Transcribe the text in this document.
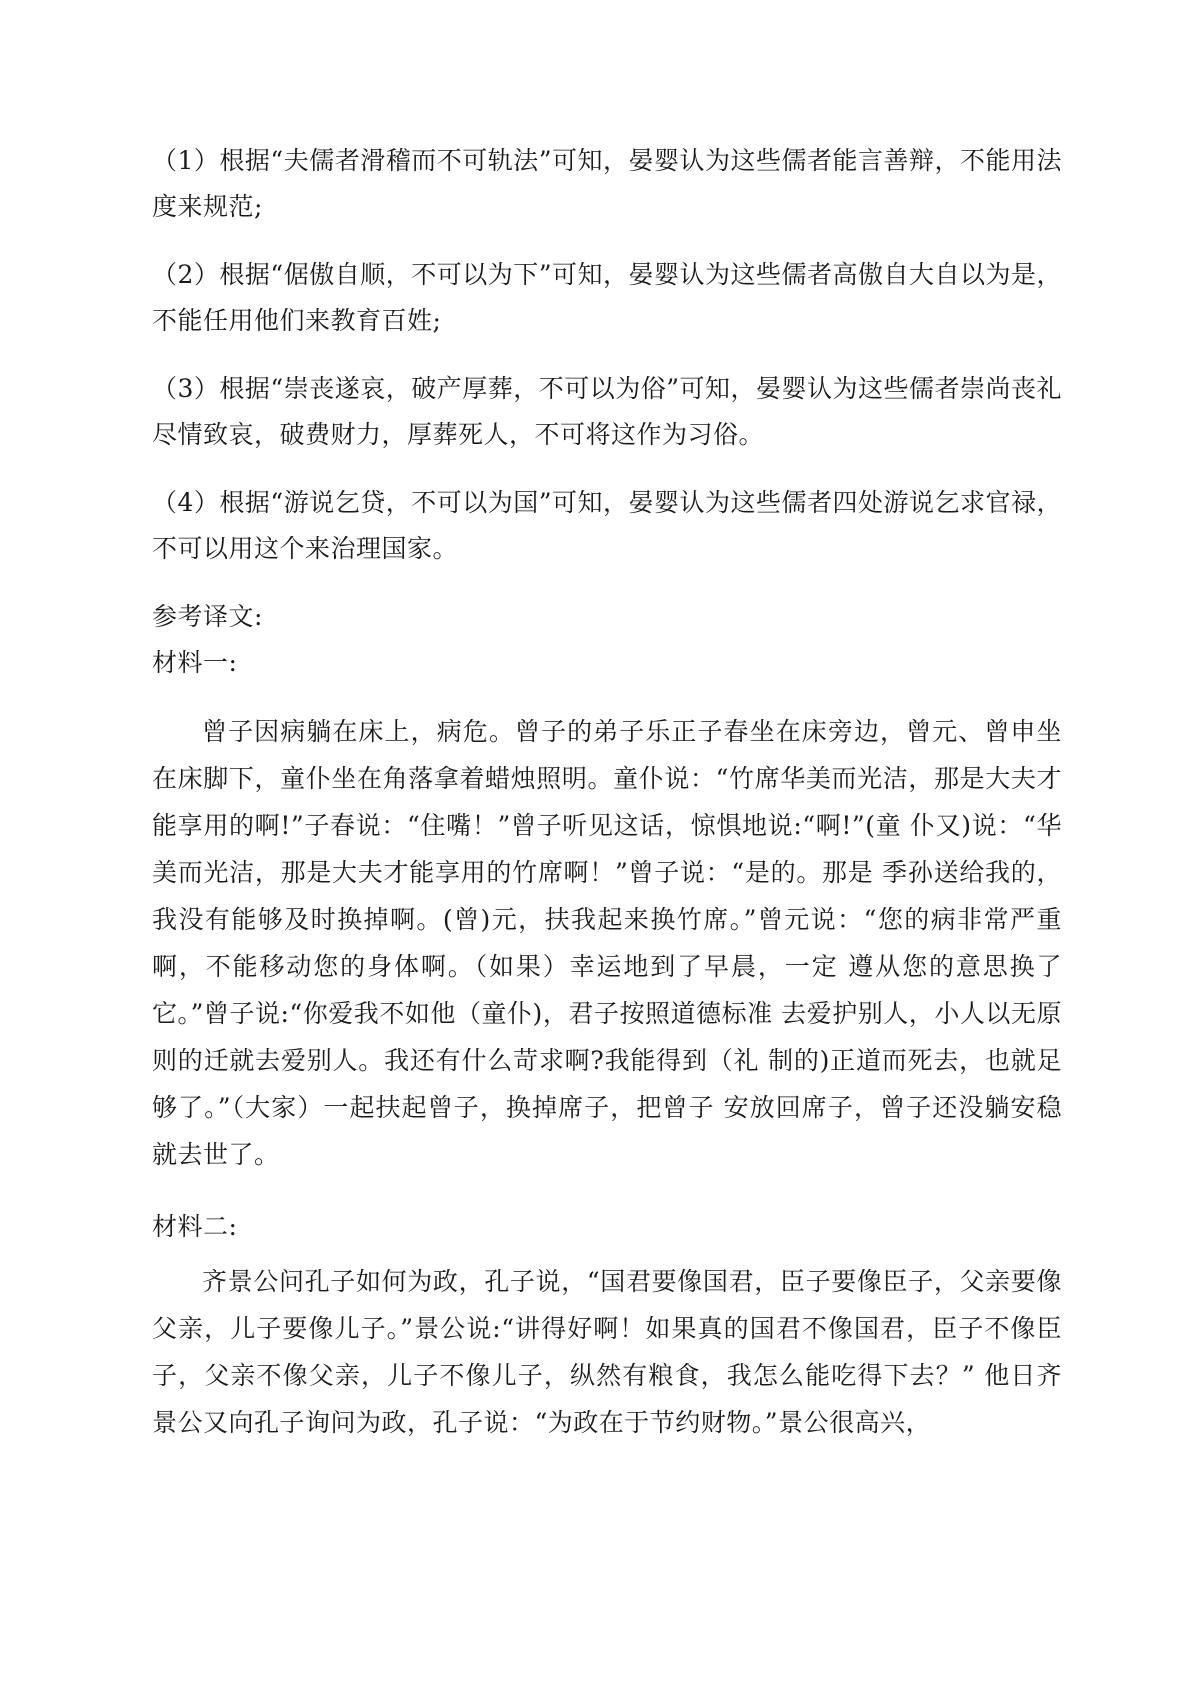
（1）根据“夫儒者滑稽而不可轨法”可知，晏婴认为这些儒者能言善辩，不能用法度来规范;

（2）根据“倨傲自顺，不可以为下”可知，晏婴认为这些儒者高傲自大自以为是，不能任用他们来教育百姓;

（3）根据“崇丧遂哀，破产厚葬，不可以为俗”可知，晏婴认为这些儒者崇尚丧礼尽情致哀，破费财力，厚葬死人，不可将这作为习俗。

（4）根据“游说乞贷，不可以为国”可知，晏婴认为这些儒者四处游说乞求官禄，不可以用这个来治理国家。

参考译文:

材料一:

曾子因病躺在床上，病危。曾子的弟子乐正子春坐在床旁边，曾元、曾申坐在床脚下，童仆坐在角落拿着蜡烛照明。童仆说：“竹席华美而光洁，那是大夫才能享用的啊!”子春说：“住嘴！”曾子听见这话，惊惧地说:“啊!”(童 仆又)说：“华美而光洁，那是大夫才能享用的竹席啊！”曾子说：“是的。那是 季孙送给我的，我没有能够及时换掉啊。(曾)元，扶我起来换竹席。”曾元说：“您的病非常严重啊，不能移动您的身体啊。（如果）幸运地到了早晨，一定 遵从您的意思换了它。”曾子说:“你爱我不如他（童仆)，君子按照道德标准 去爱护别人，小人以无原则的迁就去爱别人。我还有什么苛求啊?我能得到（礼 制的)正道而死去，也就足够了。”（大家）一起扶起曾子，换掉席子，把曾子 安放回席子，曾子还没躺安稳就去世了。

材料二:

齐景公问孔子如何为政，孔子说，“国君要像国君，臣子要像臣子，父亲要像父亲，儿子要像儿子。”景公说:“讲得好啊！如果真的国君不像国君，臣子不像臣子，父亲不像父亲，儿子不像儿子，纵然有粮食，我怎么能吃得下去？” 他日齐景公又向孔子询问为政，孔子说：“为政在于节约财物。”景公很高兴，
